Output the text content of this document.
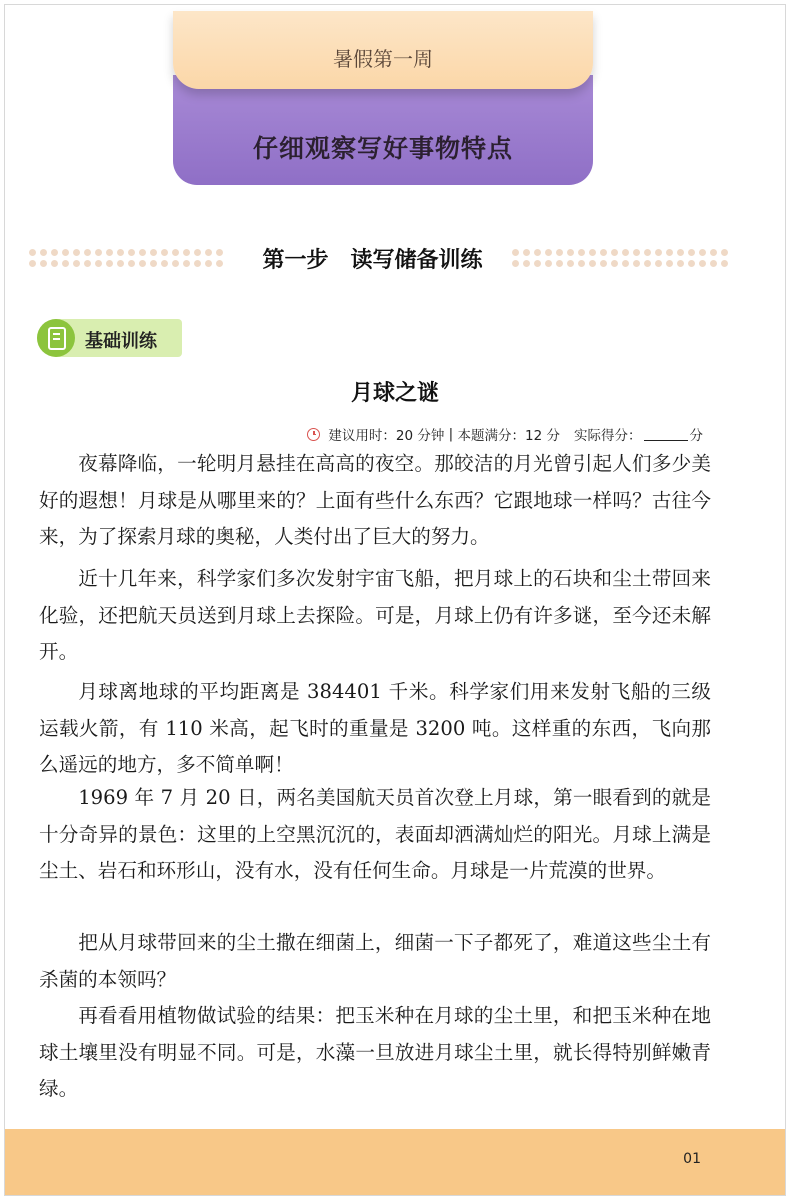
暑假第一周
仔细观察写好事物特点
第一步　读写储备训练
基础训练
月球之谜
建议用时：20 分钟 | 本题满分：12 分 实际得分：	分
夜幕降临，一轮明月悬挂在高高的夜空。那皎洁的月光曾引起人们多少美好的遐想！月球是从哪里来的？上面有些什么东西？它跟地球一样吗？古往今来，为了探索月球的奥秘，人类付出了巨大的努力。
近十几年来，科学家们多次发射宇宙飞船，把月球上的石块和尘土带回来化验，还把航天员送到月球上去探险。可是，月球上仍有许多谜，至今还未解开。
月球离地球的平均距离是 384401 千米。科学家们用来发射飞船的三级运载火箭，有 110 米高，起飞时的重量是 3200 吨。这样重的东西，飞向那么遥远的地方，多不简单啊！
1969 年 7 月 20 日，两名美国航天员首次登上月球，第一眼看到的就是十分奇异的景色：这里的上空黑沉沉的，表面却洒满灿烂的阳光。月球上满是尘土、岩石和环形山，没有水，没有任何生命。月球是一片荒漠的世界。
把从月球带回来的尘土撒在细菌上，细菌一下子都死了，难道这些尘土有杀菌的本领吗？
再看看用植物做试验的结果：把玉米种在月球的尘土里，和把玉米种在地球土壤里没有明显不同。可是，水藻一旦放进月球尘土里，就长得特别鲜嫩青绿。
01
